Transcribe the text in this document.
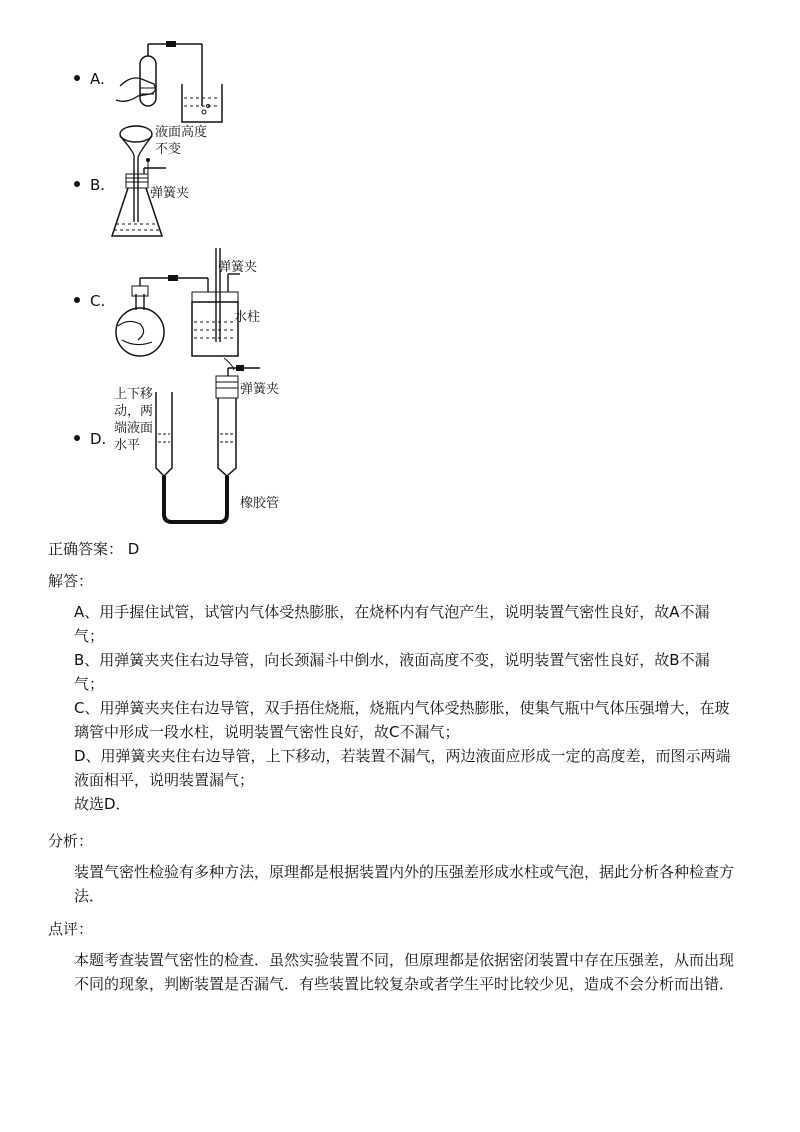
A.
B.
液面高度不变
弹簧夹
C.
弹簧夹
水柱
D.
上下移动，两端液面水平
弹簧夹
橡胶管
正确答案： D
解答：

A、用手握住试管，试管内气体受热膨胀，在烧杯内有气泡产生，说明装置气密性良好，故A不漏气；

B、用弹簧夹夹住右边导管，向长颈漏斗中倒水，液面高度不变，说明装置气密性良好，故B不漏气；

C、用弹簧夹夹住右边导管，双手捂住烧瓶，烧瓶内气体受热膨胀，使集气瓶中气体压强增大，在玻璃管中形成一段水柱，说明装置气密性良好，故C不漏气；

D、用弹簧夹夹住右边导管，上下移动，若装置不漏气，两边液面应形成一定的高度差，而图示两端液面相平，说明装置漏气；

故选D．

分析：
装置气密性检验有多种方法，原理都是根据装置内外的压强差形成水柱或气泡，据此分析各种检查方法．
点评：
本题考查装置气密性的检查．虽然实验装置不同，但原理都是依据密闭装置中存在压强差，从而出现不同的现象，判断装置是否漏气．有些装置比较复杂或者学生平时比较少见，造成不会分析而出错．
